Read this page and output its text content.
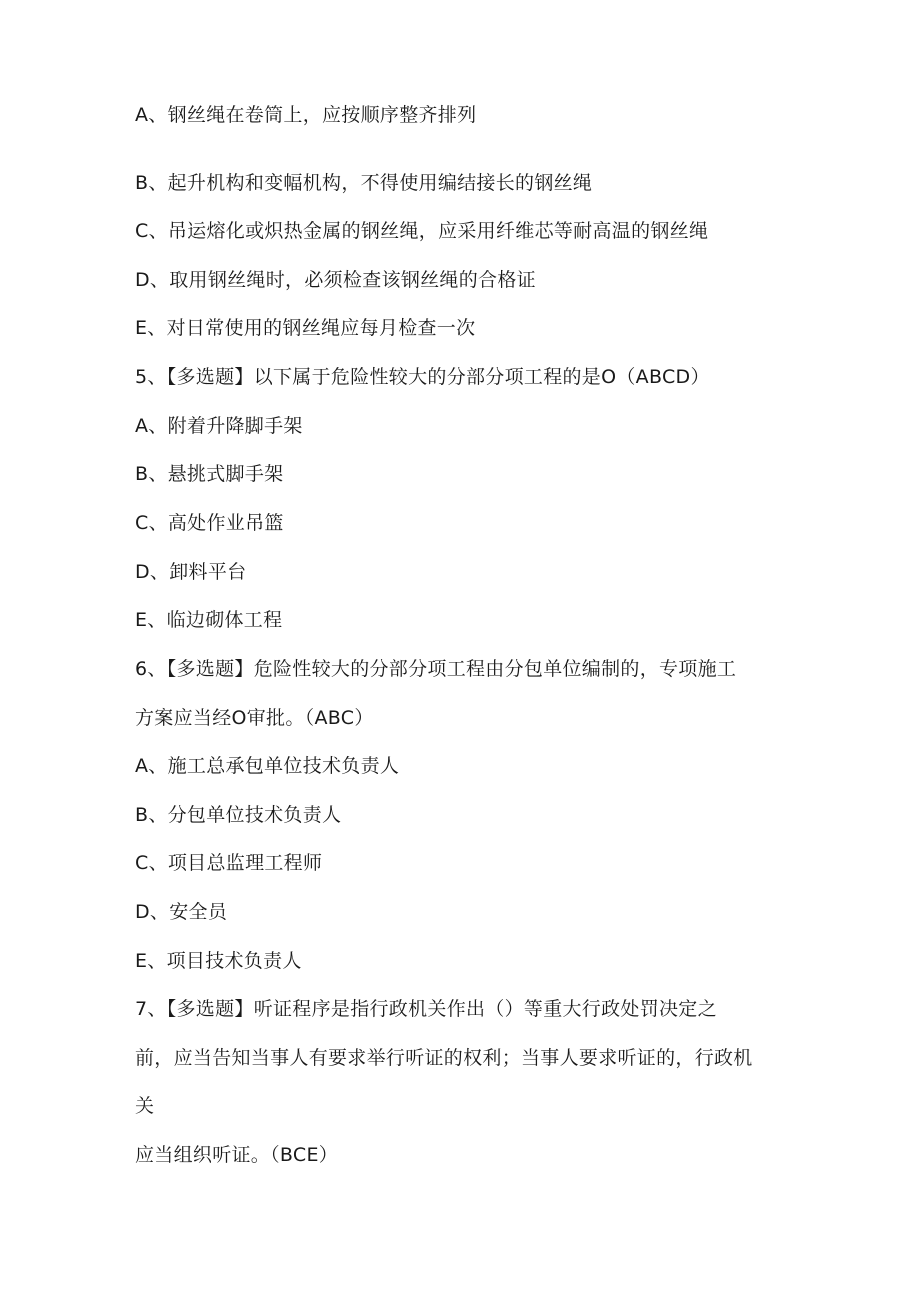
A、钢丝绳在卷筒上，应按顺序整齐排列
B、起升机构和变幅机构，不得使用编结接长的钢丝绳
C、吊运熔化或炽热金属的钢丝绳，应采用纤维芯等耐高温的钢丝绳
D、取用钢丝绳时，必须检查该钢丝绳的合格证
E、对日常使用的钢丝绳应每月检查一次
5、【多选题】以下属于危险性较大的分部分项工程的是O（ABCD）
A、附着升降脚手架
B、悬挑式脚手架
C、高处作业吊篮
D、卸料平台
E、临边砌体工程
6、【多选题】危险性较大的分部分项工程由分包单位编制的，专项施工
方案应当经O审批。（ABC）
A、施工总承包单位技术负责人
B、分包单位技术负责人
C、项目总监理工程师
D、安全员
E、项目技术负责人
7、【多选题】听证程序是指行政机关作出（）等重大行政处罚决定之
前，应当告知当事人有要求举行听证的权利；当事人要求听证的，行政机
关
应当组织听证。（BCE）
